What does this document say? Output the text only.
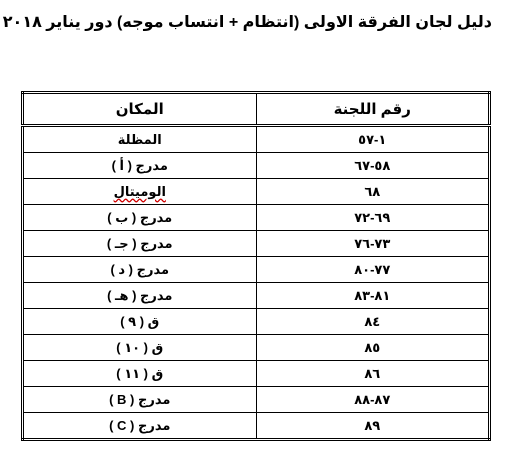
دليل لجان الفرقة الاولى (انتظام + انتساب موجه) دور يناير ٢٠١٨
رقم اللجنة	المكان
١-٥٧	المظلة
٥٨-٦٧	مدرج ( أ )
٦٨	الوميتال
٦٩-٧٢	مدرج ( ب )
٧٣-٧٦	مدرج ( جـ )
٧٧-٨٠	مدرج ( د )
٨١-٨٣	مدرج ( هـ )
٨٤	ق ( ٩ )
٨٥	ق ( ١٠ )
٨٦	ق ( ١١ )
٨٧-٨٨	مدرج ( B )
٨٩	مدرج ( C )
